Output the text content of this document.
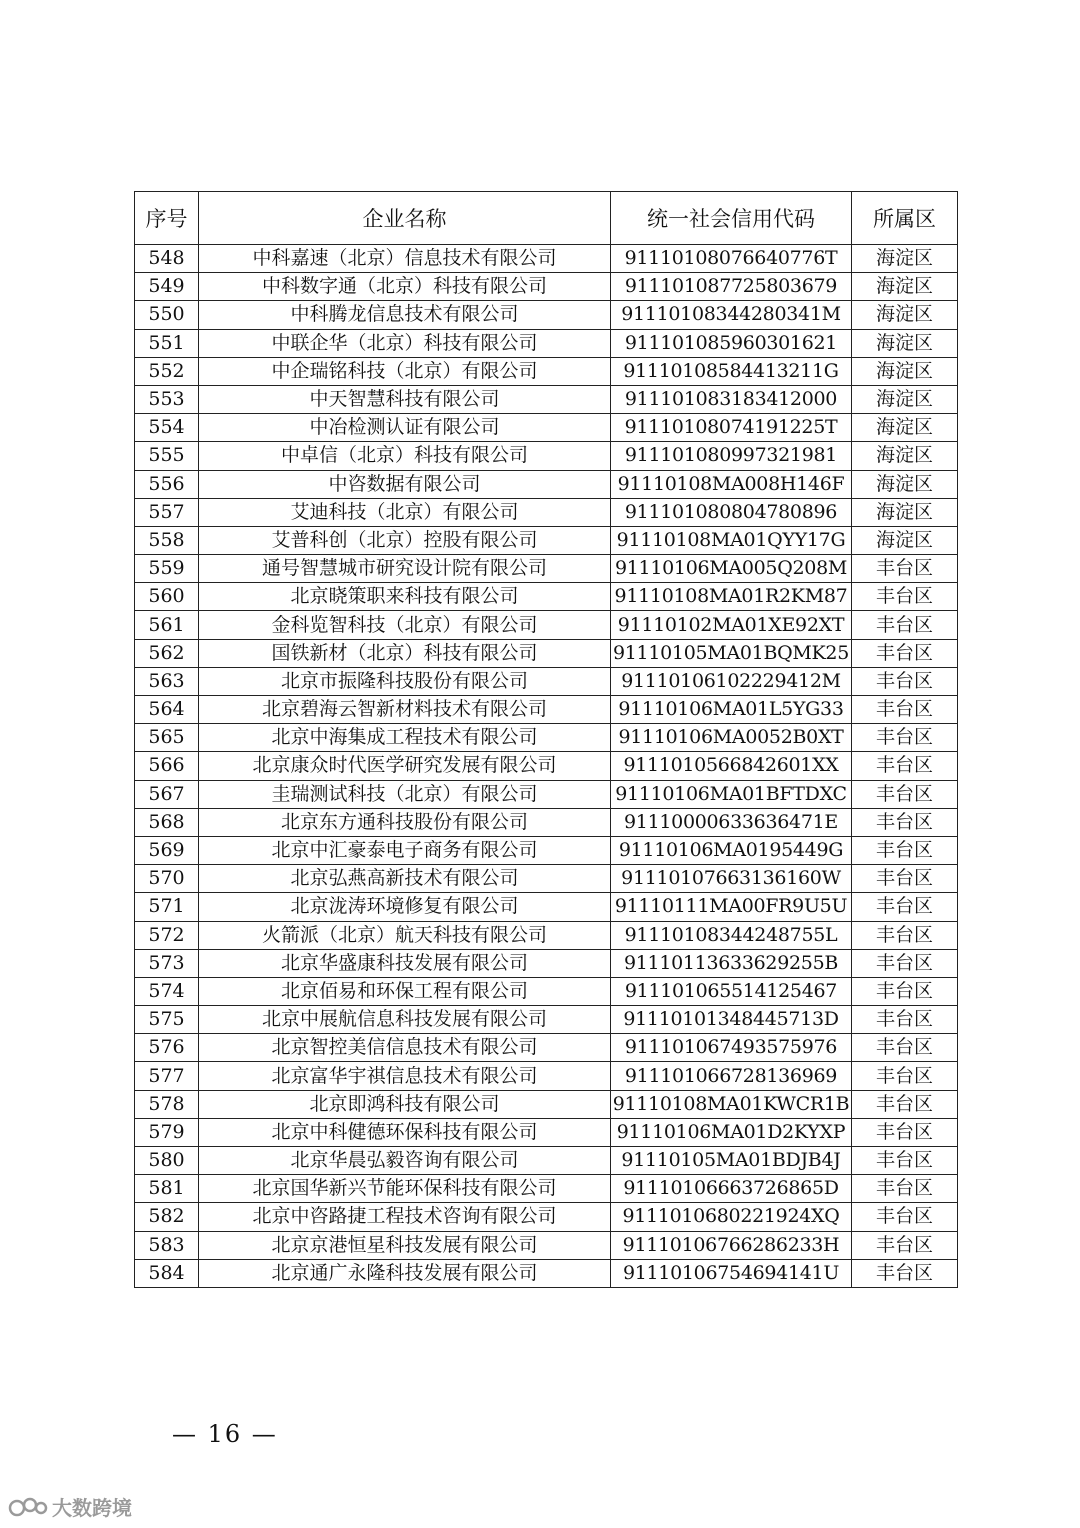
序号	企业名称	统一社会信用代码	所属区
548	中科嘉速（北京）信息技术有限公司	91110108076640776T	海淀区
549	中科数字通（北京）科技有限公司	911101087725803679	海淀区
550	中科腾龙信息技术有限公司	91110108344280341M	海淀区
551	中联企华（北京）科技有限公司	911101085960301621	海淀区
552	中企瑞铭科技（北京）有限公司	91110108584413211G	海淀区
553	中天智慧科技有限公司	911101083183412000	海淀区
554	中冶检测认证有限公司	91110108074191225T	海淀区
555	中卓信（北京）科技有限公司	911101080997321981	海淀区
556	中咨数据有限公司	91110108MA008H146F	海淀区
557	艾迪科技（北京）有限公司	911101080804780896	海淀区
558	艾普科创（北京）控股有限公司	91110108MA01QYY17G	海淀区
559	通号智慧城市研究设计院有限公司	91110106MA005Q208M	丰台区
560	北京晓策职来科技有限公司	91110108MA01R2KM87	丰台区
561	金科览智科技（北京）有限公司	91110102MA01XE92XT	丰台区
562	国铁新材（北京）科技有限公司	91110105MA01BQMK25	丰台区
563	北京市振隆科技股份有限公司	91110106102229412M	丰台区
564	北京碧海云智新材料技术有限公司	91110106MA01L5YG33	丰台区
565	北京中海集成工程技术有限公司	91110106MA0052B0XT	丰台区
566	北京康众时代医学研究发展有限公司	9111010566842601XX	丰台区
567	圭瑞测试科技（北京）有限公司	91110106MA01BFTDXC	丰台区
568	北京东方通科技股份有限公司	91110000633636471E	丰台区
569	北京中汇豪泰电子商务有限公司	91110106MA0195449G	丰台区
570	北京弘燕高新技术有限公司	91110107663136160W	丰台区
571	北京泷涛环境修复有限公司	91110111MA00FR9U5U	丰台区
572	火箭派（北京）航天科技有限公司	91110108344248755L	丰台区
573	北京华盛康科技发展有限公司	91110113633629255B	丰台区
574	北京佰易和环保工程有限公司	911101065514125467	丰台区
575	北京中展航信息科技发展有限公司	91110101348445713D	丰台区
576	北京智控美信信息技术有限公司	911101067493575976	丰台区
577	北京富华宇祺信息技术有限公司	911101066728136969	丰台区
578	北京即鸿科技有限公司	91110108MA01KWCR1B	丰台区
579	北京中科健德环保科技有限公司	91110106MA01D2KYXP	丰台区
580	北京华晨弘毅咨询有限公司	91110105MA01BDJB4J	丰台区
581	北京国华新兴节能环保科技有限公司	91110106663726865D	丰台区
582	北京中咨路捷工程技术咨询有限公司	9111010680221924XQ	丰台区
583	北京京港恒星科技发展有限公司	91110106766286233H	丰台区
584	北京通广永隆科技发展有限公司	91110106754694141U	丰台区
— 16 —
大数跨境
